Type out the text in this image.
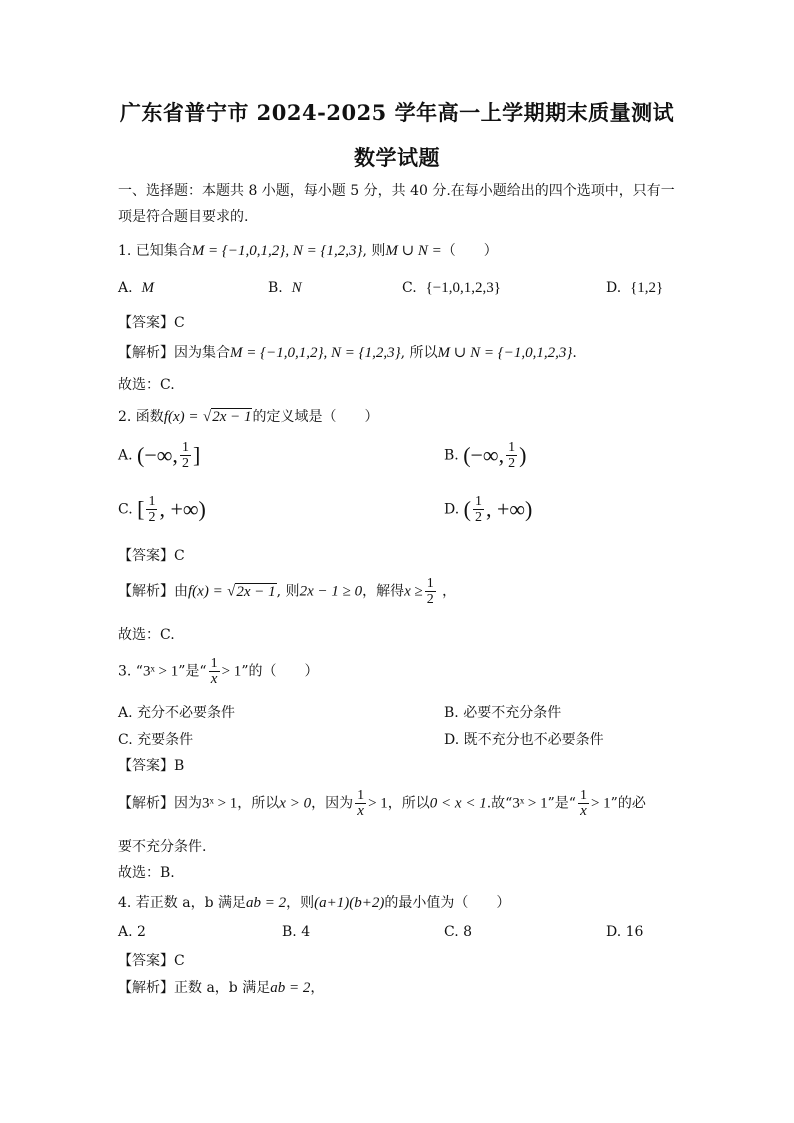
广东省普宁市 2024-2025 学年高一上学期期末质量测试
数学试题
一、选择题：本题共 8 小题，每小题 5 分，共 40 分.在每小题给出的四个选项中，只有一
项是符合题目要求的.
1. 已知集合M = {−1,0,1,2}, N = {1,2,3}, 则M ∪ N =（　　）
A. M	B. N	C. {−1,0,1,2,3}	D. {1,2}
【答案】C
【解析】因为集合M = {−1,0,1,2}, N = {1,2,3}, 所以M ∪ N = {−1,0,1,2,3}.
故选：C.
2. 函数f(x) = √2x − 1的定义域是（　　）
A. (−∞, $\frac{1}{2}$ ]	B. (−∞, $\frac{1}{2}$ )
C. [ $\frac{1}{2}$ , +∞)	D. ( $\frac{1}{2}$ , +∞)
【答案】C
【解析】由f(x) = √2x − 1, 则2x − 1 ≥ 0，解得$x \ge \frac{1}{2}$ ，
故选：C.
3. “3ˣ > 1”是“ $\frac{1}{x} > 1$”的（　　）
A. 充分不必要条件	B. 必要不充分条件
C. 充要条件	D. 既不充分也不必要条件
【答案】B
【解析】因为3ˣ > 1，所以x > 0，因为 $\frac{1}{x} > 1$，所以0 < x < 1.故“3ˣ > 1”是“ $\frac{1}{x} > 1$”的必
要不充分条件.
故选：B.
4. 若正数 a，b 满足ab = 2，则(a+1)(b+2)的最小值为（　　）
A. 2	B. 4	C. 8	D. 16
【答案】C
【解析】正数 a，b 满足ab = 2，
